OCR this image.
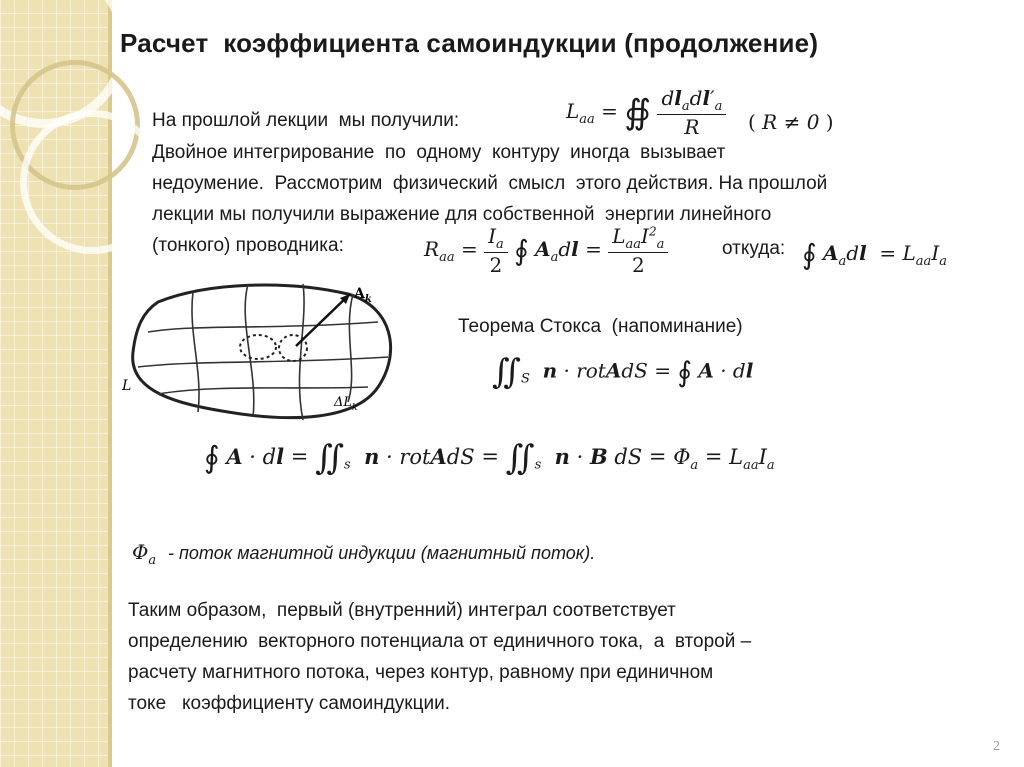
Расчет  коэффициента самоиндукции (продолжение)
На прошлой лекции  мы получили:	$L_{aa}$ = ∯ $\frac{dl_adl'_a}{R}$ ( R ≠ 0 )
Двойное интегрирование  по  одному  контуру  иногда  вызывает
недоумение.  Рассмотрим  физический  смысл  этого действия. На прошлой
лекции мы получили выражение для собственной  энергии линейного
(тонкого) проводника:	$R_{aa} = \frac{I_a}{2}$ ∮ $A_adl = \frac{L_{aa}I^2_a}{2}$	откуда: ∮ $A_adl = L_{aa}I_a$
$A_k$
L
$\Delta L_k$
Теорема Стокса  (напоминание)
$∬_S$ n · rotAdS = ∮ A · dl
∮ A · dl = $∬_s$ n · rotAdS = $∬_s$ n · B dS = $\Phi_a = L_{aa}I_a$
$\Phi_a$ - поток магнитной индукции (магнитный поток).
Таким образом,  первый (внутренний) интеграл соответствует
определению  векторного потенциала от единичного тока,  а  второй –
расчету магнитного потока, через контур, равному при единичном
токе   коэффициенту самоиндукции.
2
